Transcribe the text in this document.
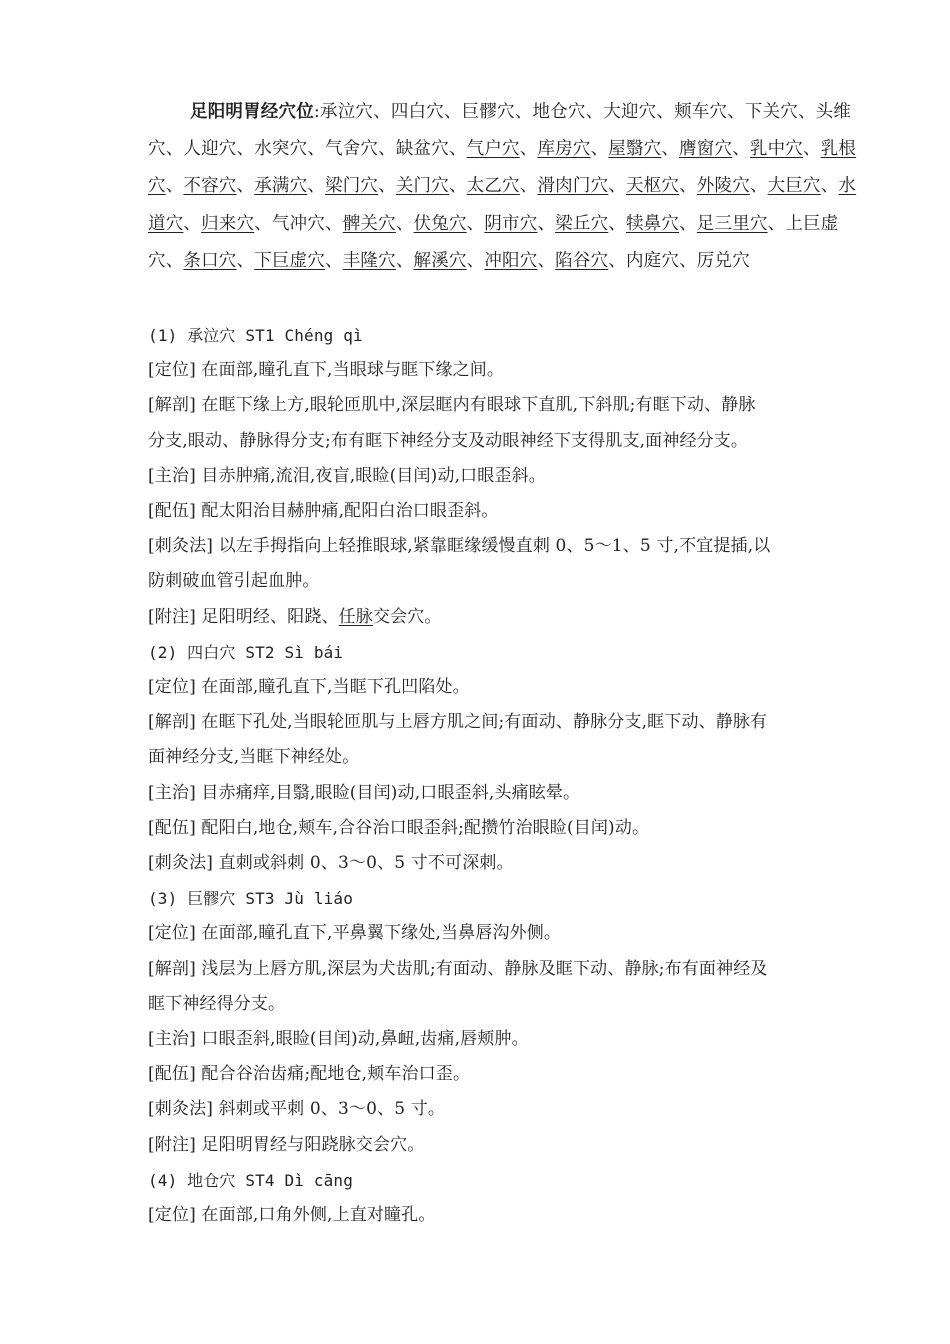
足阳明胃经穴位:承泣穴、四白穴、巨髎穴、地仓穴、大迎穴、颊车穴、下关穴、头维穴、人迎穴、水突穴、气舍穴、缺盆穴、气户穴、库房穴、屋翳穴、膺窗穴、乳中穴、乳根穴、不容穴、承满穴、梁门穴、关门穴、太乙穴、滑肉门穴、天枢穴、外陵穴、大巨穴、水道穴、归来穴、气冲穴、髀关穴、伏兔穴、阴市穴、梁丘穴、犊鼻穴、足三里穴、上巨虚穴、条口穴、下巨虚穴、丰隆穴、解溪穴、冲阳穴、陷谷穴、内庭穴、厉兑穴
(1) 承泣穴 ST1 Chéng qì
[定位] 在面部,瞳孔直下,当眼球与眶下缘之间。
[解剖] 在眶下缘上方,眼轮匝肌中,深层眶内有眼球下直肌,下斜肌;有眶下动、静脉
分支,眼动、静脉得分支;布有眶下神经分支及动眼神经下支得肌支,面神经分支。
[主治] 目赤肿痛,流泪,夜盲,眼睑(目闰)动,口眼歪斜。
[配伍] 配太阳治目赫肿痛,配阳白治口眼歪斜。
[刺灸法] 以左手拇指向上轻推眼球,紧靠眶缘缓慢直刺 0、5～1、5 寸,不宜提插,以
防刺破血管引起血肿。
[附注] 足阳明经、阳跷、任脉交会穴。
(2) 四白穴 ST2 Sì bái
[定位] 在面部,瞳孔直下,当眶下孔凹陷处。
[解剖] 在眶下孔处,当眼轮匝肌与上唇方肌之间;有面动、静脉分支,眶下动、静脉有
面神经分支,当眶下神经处。
[主治] 目赤痛痒,目翳,眼睑(目闰)动,口眼歪斜,头痛眩晕。
[配伍] 配阳白,地仓,颊车,合谷治口眼歪斜;配攒竹治眼睑(目闰)动。
[刺灸法] 直刺或斜刺 0、3～0、5 寸不可深刺。
(3) 巨髎穴 ST3 Jù liáo
[定位] 在面部,瞳孔直下,平鼻翼下缘处,当鼻唇沟外侧。
[解剖] 浅层为上唇方肌,深层为犬齿肌;有面动、静脉及眶下动、静脉;布有面神经及
眶下神经得分支。
[主治] 口眼歪斜,眼睑(目闰)动,鼻衄,齿痛,唇颊肿。
[配伍] 配合谷治齿痛;配地仓,颊车治口歪。
[刺灸法] 斜刺或平刺 0、3～0、5 寸。
[附注] 足阳明胃经与阳跷脉交会穴。
(4) 地仓穴 ST4 Dì cāng
[定位] 在面部,口角外侧,上直对瞳孔。
